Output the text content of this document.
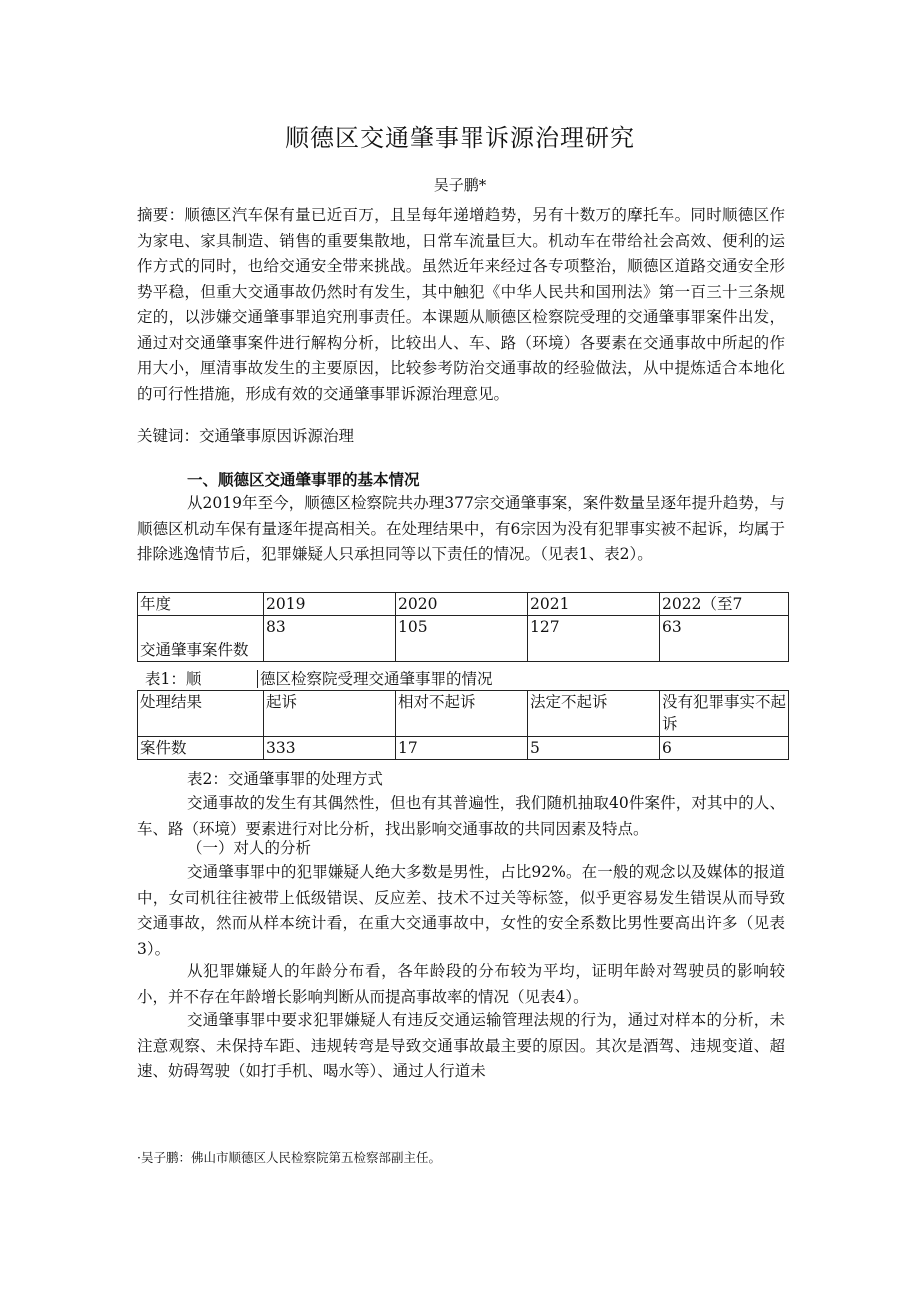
顺德区交通肇事罪诉源治理研究
吴子鹏*
摘要：顺德区汽车保有量已近百万，且呈每年递增趋势，另有十数万的摩托车。同时顺德区作为家电、家具制造、销售的重要集散地，日常车流量巨大。机动车在带给社会高效、便利的运作方式的同时，也给交通安全带来挑战。虽然近年来经过各专项整治，顺德区道路交通安全形势平稳，但重大交通事故仍然时有发生，其中触犯《中华人民共和国刑法》第一百三十三条规定的，以涉嫌交通肇事罪追究刑事责任。本课题从顺德区检察院受理的交通肇事罪案件出发，通过对交通肇事案件进行解构分析，比较出人、车、路（环境）各要素在交通事故中所起的作用大小，厘清事故发生的主要原因，比较参考防治交通事故的经验做法，从中提炼适合本地化的可行性措施，形成有效的交通肇事罪诉源治理意见。
关键词：交通肇事原因诉源治理
一、顺德区交通肇事罪的基本情况
从2019年至今，顺德区检察院共办理377宗交通肇事案，案件数量呈逐年提升趋势，与顺德区机动车保有量逐年提高相关。在处理结果中，有6宗因为没有犯罪事实被不起诉，均属于排除逃逸情节后，犯罪嫌疑人只承担同等以下责任的情况。（见表1、表2）。
年度	2019	2020	2021	2022（至7
交通肇事案件数	83	105	127	63
表1：顺	德区检察院受理交通肇事罪的情况
处理结果	起诉	相对不起诉	法定不起诉	没有犯罪事实不起诉
案件数	333	17	5	6
表2：交通肇事罪的处理方式
交通事故的发生有其偶然性，但也有其普遍性，我们随机抽取40件案件，对其中的人、车、路（环境）要素进行对比分析，找出影响交通事故的共同因素及特点。
（一）对人的分析
交通肇事罪中的犯罪嫌疑人绝大多数是男性，占比92%。在一般的观念以及媒体的报道中，女司机往往被带上低级错误、反应差、技术不过关等标签，似乎更容易发生错误从而导致交通事故，然而从样本统计看，在重大交通事故中，女性的安全系数比男性要高出许多（见表3）。
从犯罪嫌疑人的年龄分布看，各年龄段的分布较为平均，证明年龄对驾驶员的影响较小，并不存在年龄增长影响判断从而提高事故率的情况（见表4）。
交通肇事罪中要求犯罪嫌疑人有违反交通运输管理法规的行为，通过对样本的分析，未注意观察、未保持车距、违规转弯是导致交通事故最主要的原因。其次是酒驾、违规变道、超速、妨碍驾驶（如打手机、喝水等）、通过人行道未
·吴子鹏：佛山市顺德区人民检察院第五检察部副主任。
